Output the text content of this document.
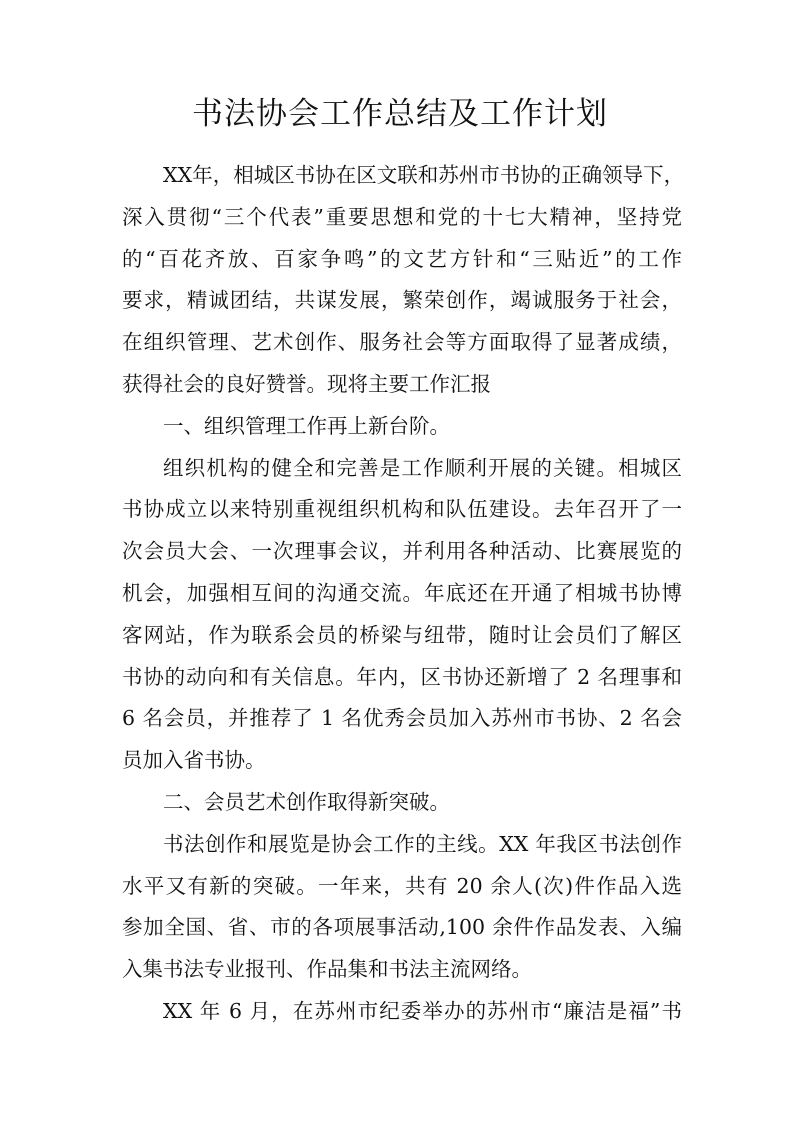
书法协会工作总结及工作计划
XX年，相城区书协在区文联和苏州市书协的正确领导下，
深入贯彻“三个代表”重要思想和党的十七大精神，坚持党
的“百花齐放、百家争鸣”的文艺方针和“三贴近”的工作
要求，精诚团结，共谋发展，繁荣创作，竭诚服务于社会，
在组织管理、艺术创作、服务社会等方面取得了显著成绩，
获得社会的良好赞誉。现将主要工作汇报
一、组织管理工作再上新台阶。
组织机构的健全和完善是工作顺利开展的关键。相城区
书协成立以来特别重视组织机构和队伍建设。去年召开了一
次会员大会、一次理事会议，并利用各种活动、比赛展览的
机会，加强相互间的沟通交流。年底还在开通了相城书协博
客网站，作为联系会员的桥梁与纽带，随时让会员们了解区
书协的动向和有关信息。年内，区书协还新增了 2 名理事和
6 名会员，并推荐了 1 名优秀会员加入苏州市书协、2 名会
员加入省书协。
二、会员艺术创作取得新突破。
书法创作和展览是协会工作的主线。XX 年我区书法创作
水平又有新的突破。一年来，共有 20 余人(次)件作品入选
参加全国、省、市的各项展事活动,100 余件作品发表、入编
入集书法专业报刊、作品集和书法主流网络。
XX 年 6 月，在苏州市纪委举办的苏州市“廉洁是福”书
